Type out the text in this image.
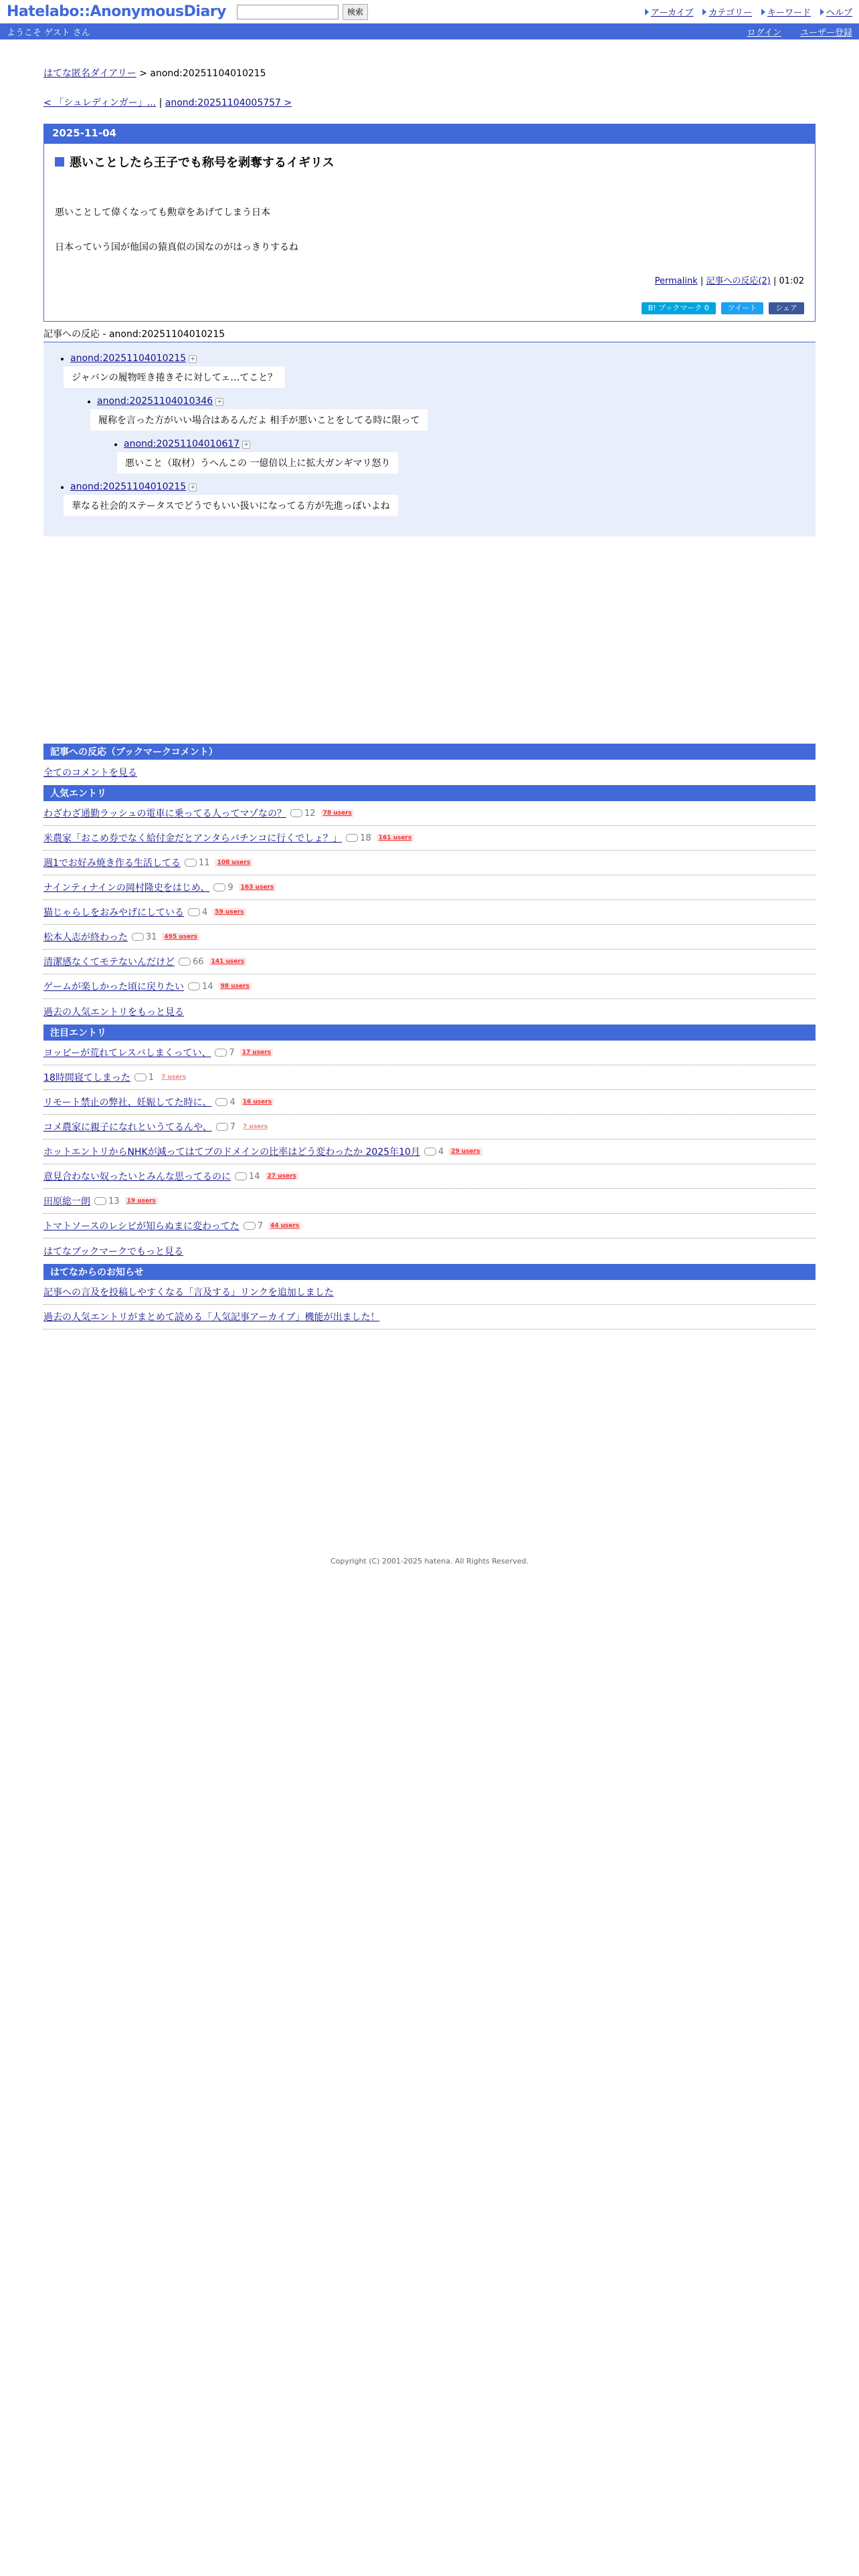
Hatelabo::AnonymousDiary	検索	アーカイブ カテゴリー キーワード ヘルプ
ようこそ ゲスト さん	ログイン ユーザー登録
はてな匿名ダイアリー > anond:20251104010215
< 「シュレディンガー」... | anond:20251104005757 >
2025-11-04
悪いことしたら王子でも称号を剥奪するイギリス

悪いことして偉くなっても勲章をあげてしまう日本

日本っていう国が他国の猿真似の国なのがはっきりするね

Permalink | 記事への反応(2) | 01:02
B! ブックマーク 0	ツイート	シェア
記事への反応 - anond:20251104010215
• anond:20251104010215 +
ジャバンの履物咥き捲きそに対してェ…てこと？
• anond:20251104010346 +
履称を言った方がいい場合はあるんだよ 相手が悪いことをしてる時に限って
• anond:20251104010617 +
悪いこと（取材）うへんこの 一億倍以上に拡大ガンギマリ怒り
• anond:20251104010215 +
華なる社会的ステータスでどうでもいい扱いになってる方が先進っぽいよね
記事への反応（ブックマークコメント）
全てのコメントを見る
人気エントリ
わざわざ通勤ラッシュの電車に乗ってる人ってマゾなの？ 12	78 users
米農家「おこめ券でなく給付金だとアンタらパチンコに行くでしょ？」 18	161 users
週1でお好み焼き作る生活してる 11	108 users
ナインティナインの岡村隆史をはじめ、 9	163 users
猫じゃらしをおみやげにしている 4	59 users
松本人志が終わった 31	495 users
清潔感なくてモテないんだけど 66	141 users
ゲームが楽しかった頃に戻りたい 14	98 users
過去の人気エントリをもっと見る
注目エントリ
ヨッピーが荒れてレスバしまくってい、 7	17 users
18時間寝てしまった 1	7 users
リモート禁止の弊社、妊娠してた時に、 4	16 users
コメ農家に親子になれというてるんや、 7	7 users
ホットエントリからNHKが減ってはてブのドメインの比率はどう変わったか 2025年10月 4	29 users
意見合わない奴ったいとみんな思ってるのに 14	27 users
田原総一朗 13	19 users
トマトソースのレシピが知らぬまに変わってた 7	44 users
はてなブックマークでもっと見る
はてなからのお知らせ
記事への言及を投稿しやすくなる「言及する」リンクを追加しました
過去の人気エントリがまとめて読める「人気記事アーカイブ」機能が出ました！
Copyright (C) 2001-2025 hatena. All Rights Reserved.
